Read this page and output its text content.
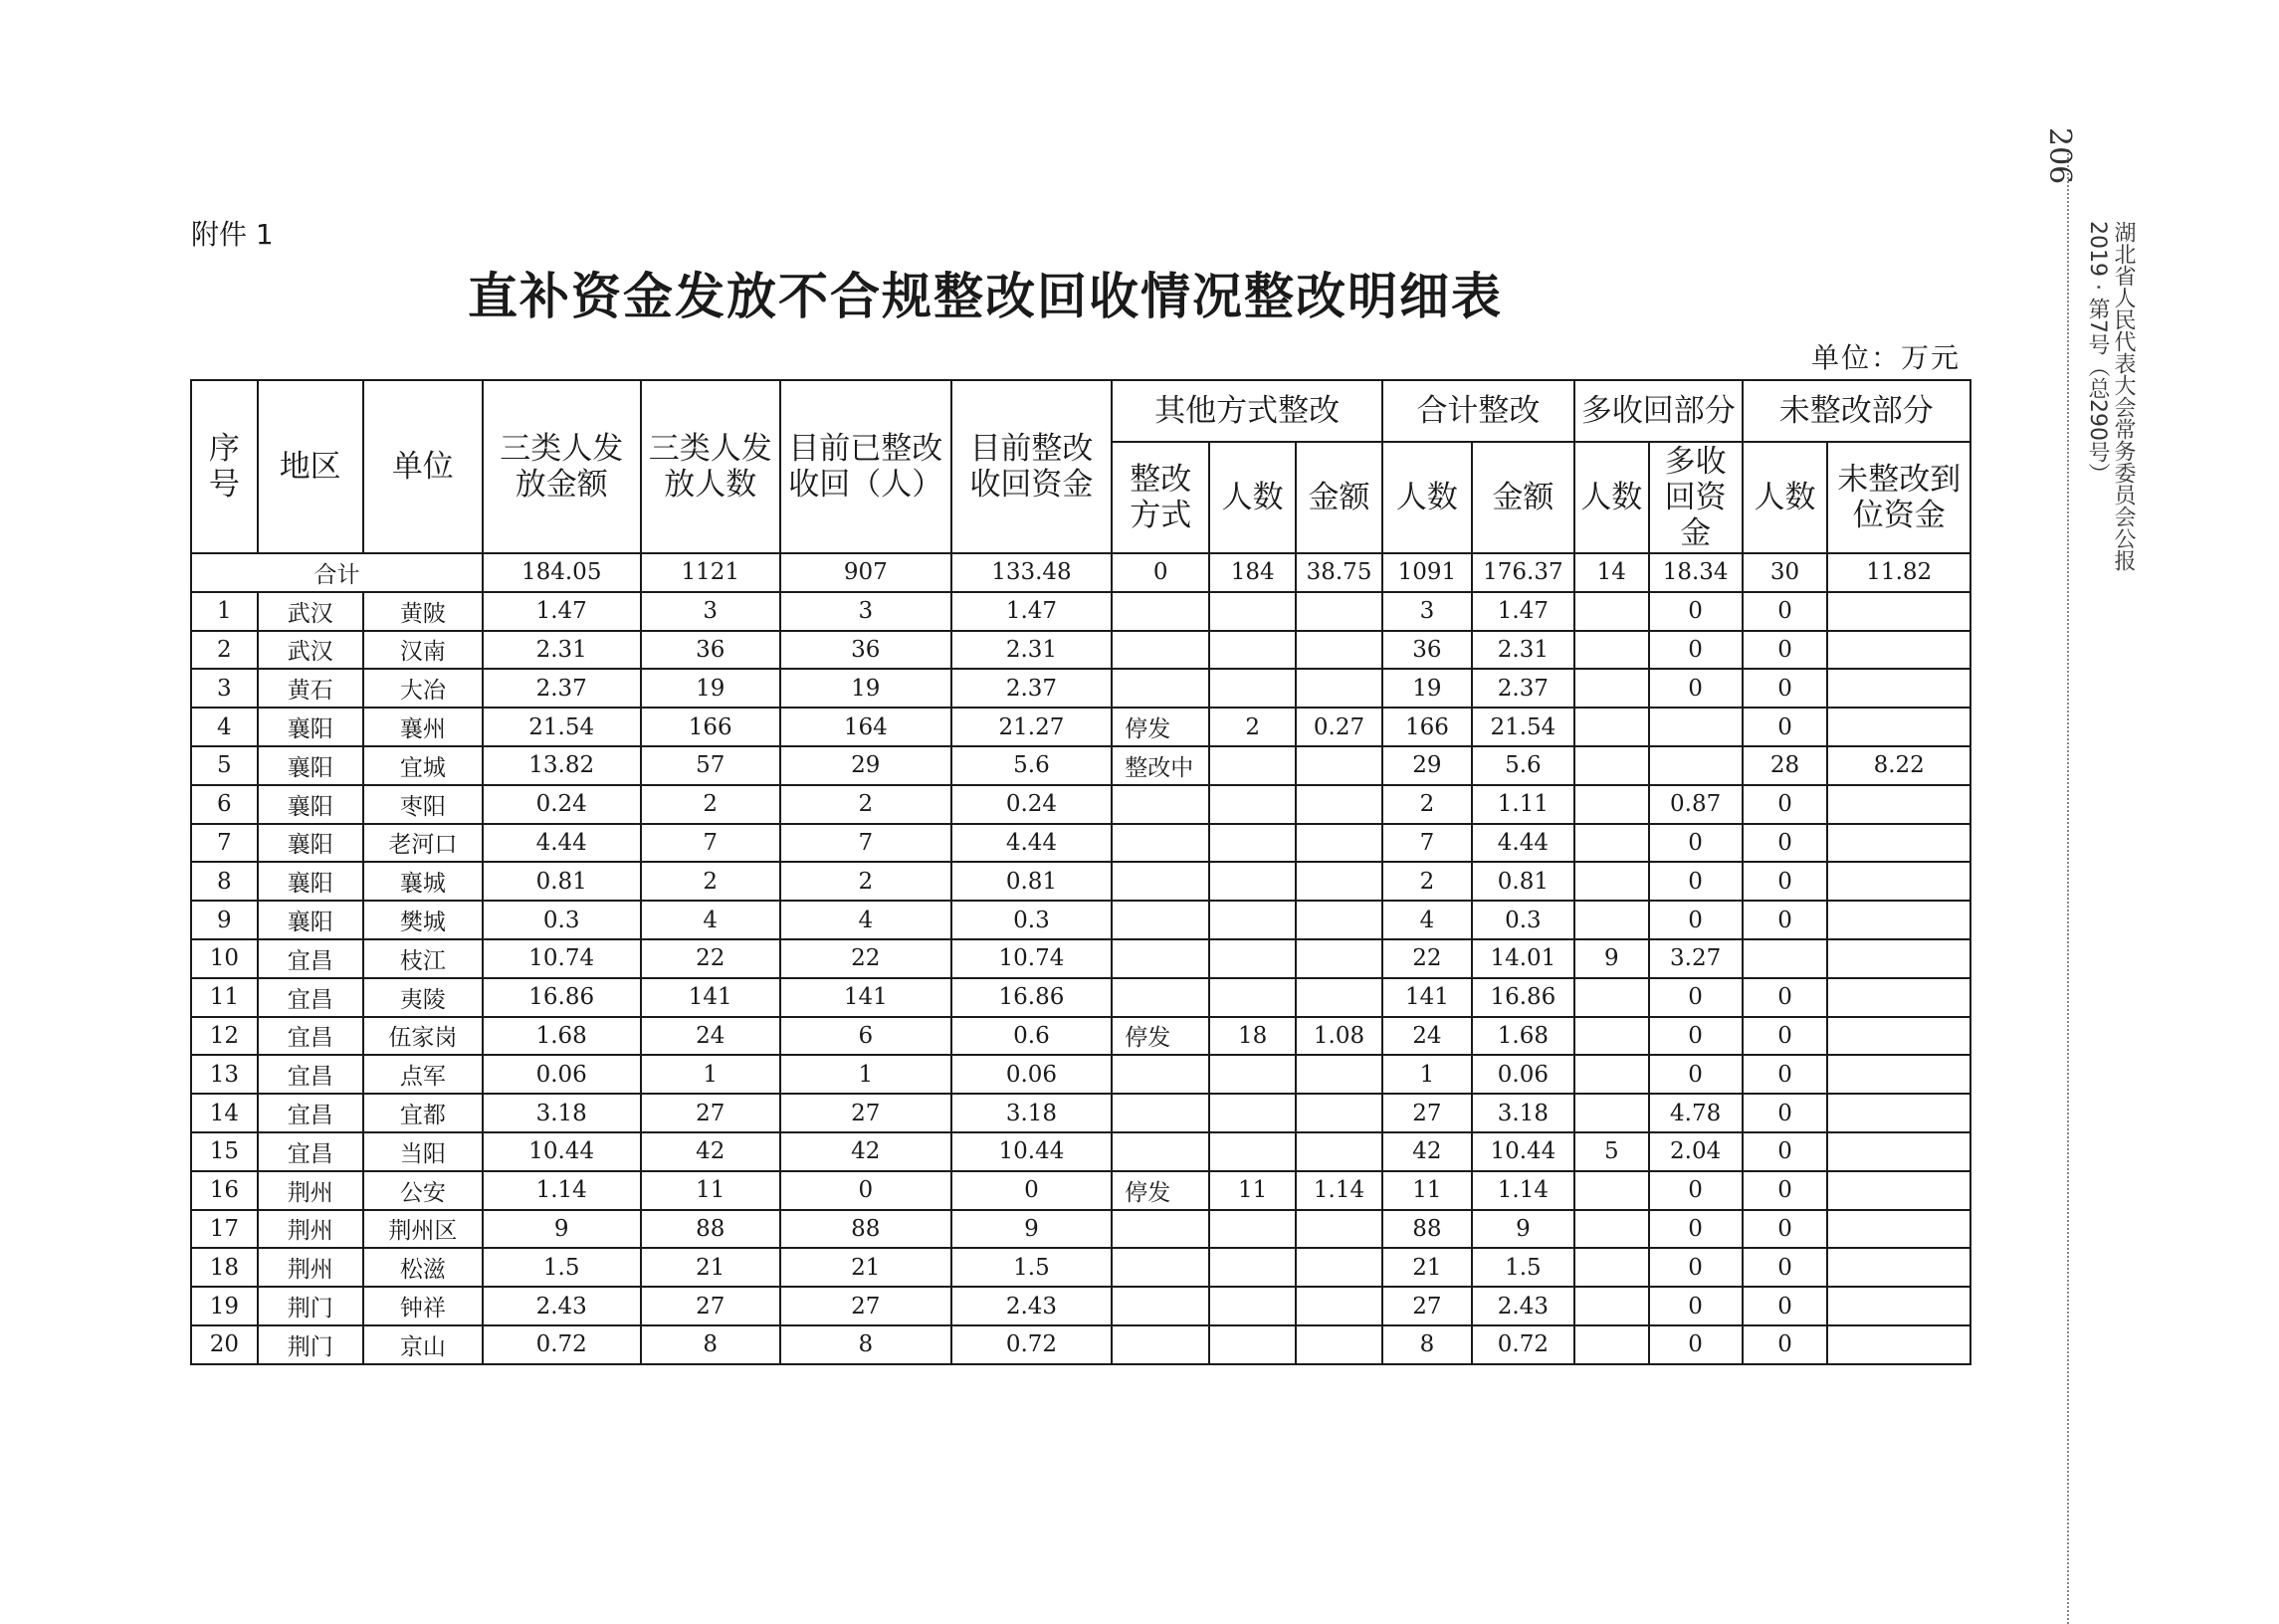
附件 1
直补资金发放不合规整改回收情况整改明细表
单位：万元
序号	地区	单位	三类人发放金额	三类人发放人数	目前已整改收回（人）	目前整改收回资金	其他方式整改			合计整改		多收回部分		未整改部分	
							整改方式	人数	金额	人数	金额	人数	多收回资金	人数	未整改到位资金
合计			184.05	1121	907	133.48	0	184	38.75	1091	176.37	14	18.34	30	11.82
1	武汉	黄陂	1.47	3	3	1.47				3	1.47		0	0	
2	武汉	汉南	2.31	36	36	2.31				36	2.31		0	0	
3	黄石	大冶	2.37	19	19	2.37				19	2.37		0	0	
4	襄阳	襄州	21.54	166	164	21.27	停发	2	0.27	166	21.54			0	
5	襄阳	宜城	13.82	57	29	5.6	整改中			29	5.6			28	8.22
6	襄阳	枣阳	0.24	2	2	0.24				2	1.11		0.87	0	
7	襄阳	老河口	4.44	7	7	4.44				7	4.44		0	0	
8	襄阳	襄城	0.81	2	2	0.81				2	0.81		0	0	
9	襄阳	樊城	0.3	4	4	0.3				4	0.3		0	0	
10	宜昌	枝江	10.74	22	22	10.74				22	14.01	9	3.27		
11	宜昌	夷陵	16.86	141	141	16.86				141	16.86		0	0	
12	宜昌	伍家岗	1.68	24	6	0.6	停发	18	1.08	24	1.68		0	0	
13	宜昌	点军	0.06	1	1	0.06				1	0.06		0	0	
14	宜昌	宜都	3.18	27	27	3.18				27	3.18		4.78	0	
15	宜昌	当阳	10.44	42	42	10.44				42	10.44	5	2.04	0	
16	荆州	公安	1.14	11	0	0	停发	11	1.14	11	1.14		0	0	
17	荆州	荆州区	9	88	88	9				88	9		0	0	
18	荆州	松滋	1.5	21	21	1.5				21	1.5		0	0	
19	荆门	钟祥	2.43	27	27	2.43				27	2.43		0	0	
20	荆门	京山	0.72	8	8	0.72				8	0.72		0	0	
206
湖北省人民代表大会常务委员会公报
2019 · 第7号（总290号）
